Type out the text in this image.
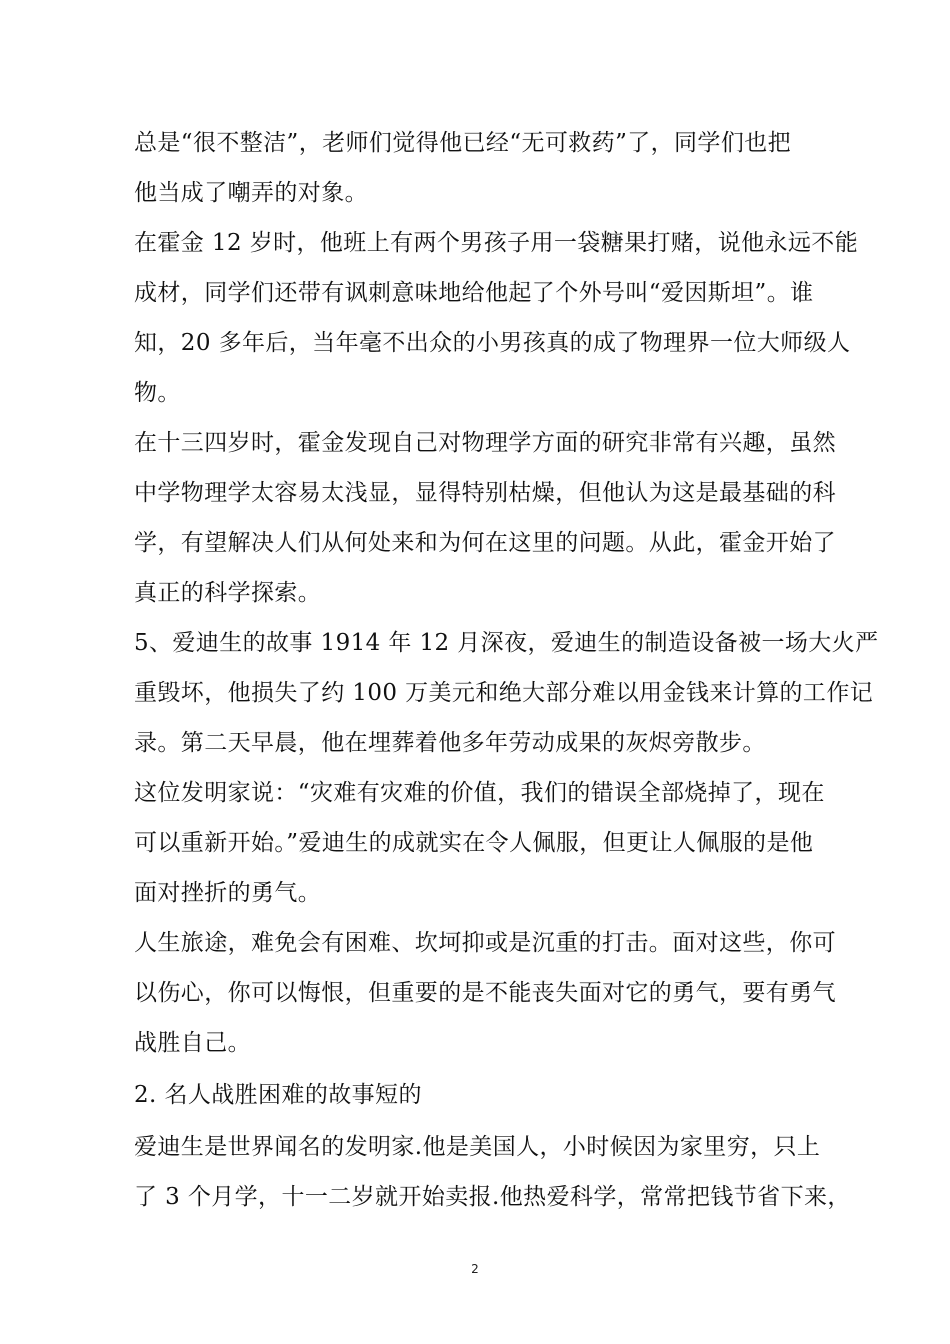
总是“很不整洁”，老师们觉得他已经“无可救药”了，同学们也把
他当成了嘲弄的对象。
在霍金 12 岁时，他班上有两个男孩子用一袋糖果打赌，说他永远不能
成材，同学们还带有讽刺意味地给他起了个外号叫“爱因斯坦”。谁
知，20 多年后，当年毫不出众的小男孩真的成了物理界一位大师级人
物。
在十三四岁时，霍金发现自己对物理学方面的研究非常有兴趣，虽然
中学物理学太容易太浅显，显得特别枯燥，但他认为这是最基础的科
学，有望解决人们从何处来和为何在这里的问题。从此，霍金开始了
真正的科学探索。
5、爱迪生的故事 1914 年 12 月深夜，爱迪生的制造设备被一场大火严
重毁坏，他损失了约 100 万美元和绝大部分难以用金钱来计算的工作记
录。第二天早晨，他在埋葬着他多年劳动成果的灰烬旁散步。
这位发明家说：“灾难有灾难的价值，我们的错误全部烧掉了，现在
可以重新开始。”爱迪生的成就实在令人佩服，但更让人佩服的是他
面对挫折的勇气。
人生旅途，难免会有困难、坎坷抑或是沉重的打击。面对这些，你可
以伤心，你可以悔恨，但重要的是不能丧失面对它的勇气，要有勇气
战胜自己。
2. 名人战胜困难的故事短的
爱迪生是世界闻名的发明家.他是美国人，小时候因为家里穷，只上
了 3 个月学，十一二岁就开始卖报.他热爱科学，常常把钱节省下来，
2
